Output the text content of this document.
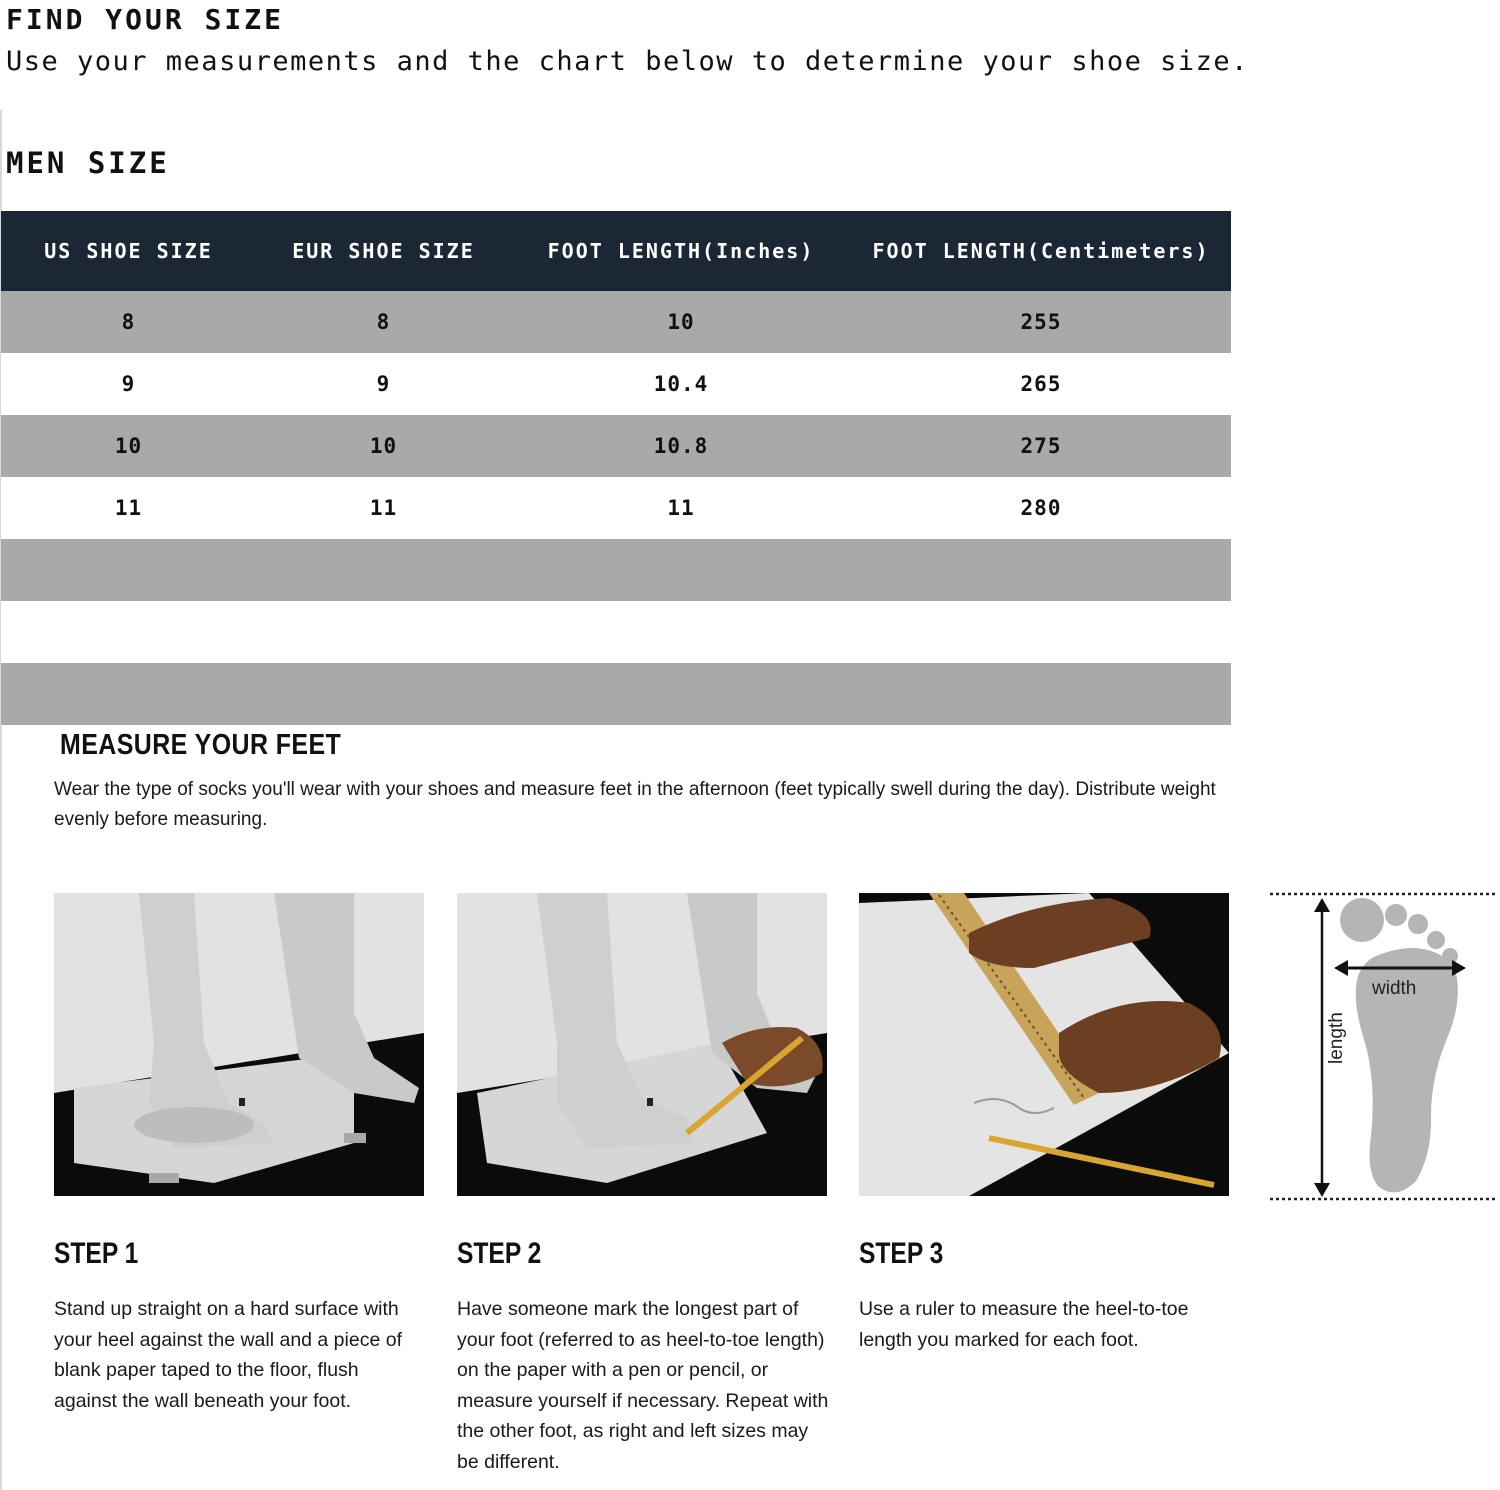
FIND YOUR SIZE

Use your measurements and the chart below to determine your shoe size.

MEN SIZE
US SHOE SIZE	EUR SHOE SIZE	FOOT LENGTH(Inches)	FOOT LENGTH(Centimeters)
8	8	10	255
9	9	10.4	265
10	10	10.8	275
11	11	11	280
MEASURE YOUR FEET

Wear the type of socks you'll wear with your shoes and measure feet in the afternoon (feet typically swell during the day). Distribute weight evenly before measuring.

STEP 1

Stand up straight on a hard surface with your heel against the wall and a piece of blank paper taped to the floor, flush against the wall beneath your foot.

STEP 2

Have someone mark the longest part of your foot (referred to as heel-to-toe length) on the paper with a pen or pencil, or measure yourself if necessary. Repeat with the other foot, as right and left sizes may be different.

STEP 3

Use a ruler to measure the heel-to-toe length you marked for each foot.

width
length
